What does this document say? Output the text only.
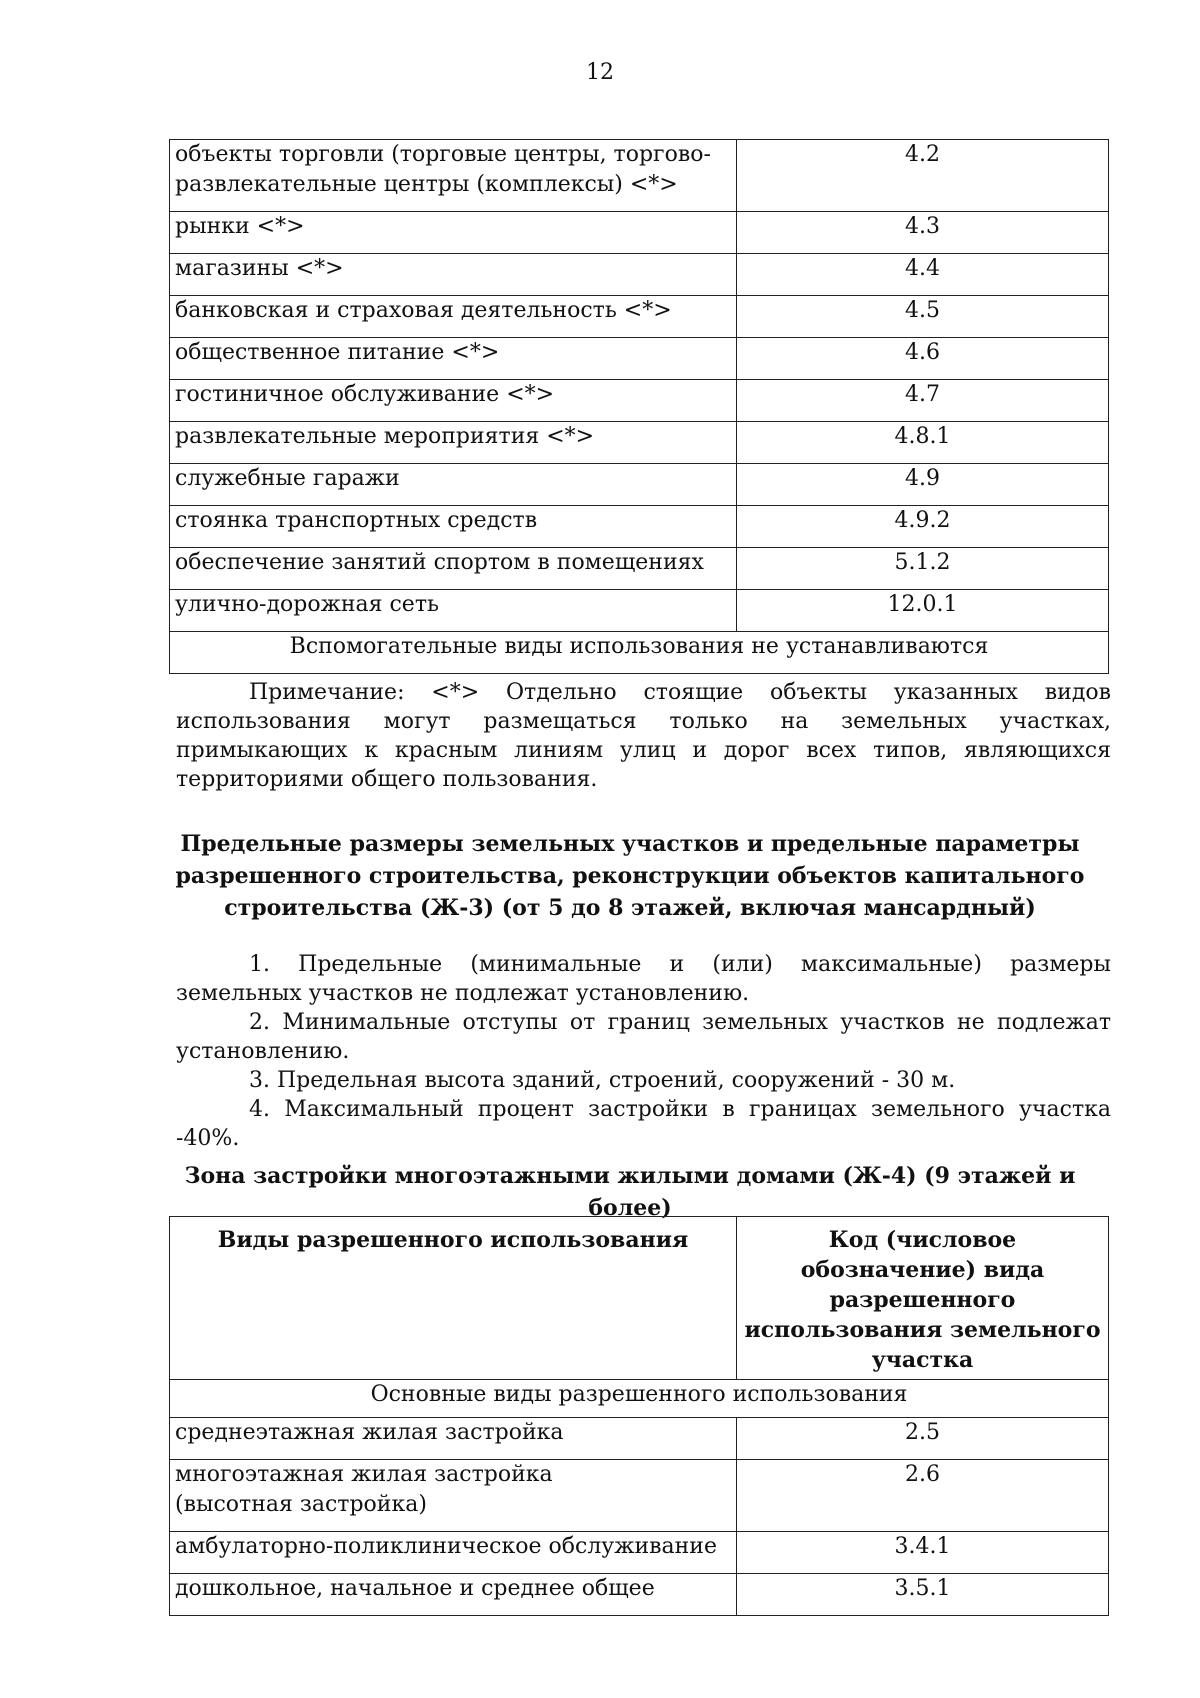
12
объекты торговли (торговые центры, торгово-развлекательные центры (комплексы) <*>	4.2
рынки <*>	4.3
магазины <*>	4.4
банковская и страховая деятельность <*>	4.5
общественное питание <*>	4.6
гостиничное обслуживание <*>	4.7
развлекательные мероприятия <*>	4.8.1
служебные гаражи	4.9
стоянка транспортных средств	4.9.2
обеспечение занятий спортом в помещениях	5.1.2
улично-дорожная сеть	12.0.1
Вспомогательные виды использования не устанавливаются	
Примечание: <*> Отдельно стоящие объекты указанных видов использования могут размещаться только на земельных участках, примыкающих к красным линиям улиц и дорог всех типов, являющихся территориями общего пользования.
Предельные размеры земельных участков и предельные параметры разрешенного строительства, реконструкции объектов капитального строительства (Ж-3) (от 5 до 8 этажей, включая мансардный)

1. Предельные (минимальные и (или) максимальные) размеры земельных участков не подлежат установлению.

2. Минимальные отступы от границ земельных участков не подлежат установлению.

3. Предельная высота зданий, строений, сооружений - 30 м.

4. Максимальный процент застройки в границах земельного участка -40%.

Зона застройки многоэтажными жилыми домами (Ж-4) (9 этажей и более)
Виды разрешенного использования	Код (числовое обозначение) вида разрешенного использования земельного участка
Основные виды разрешенного использования	
среднеэтажная жилая застройка	2.5
многоэтажная жилая застройка (высотная застройка)	2.6
амбулаторно-поликлиническое обслуживание	3.4.1
дошкольное, начальное и среднее общее	3.5.1
